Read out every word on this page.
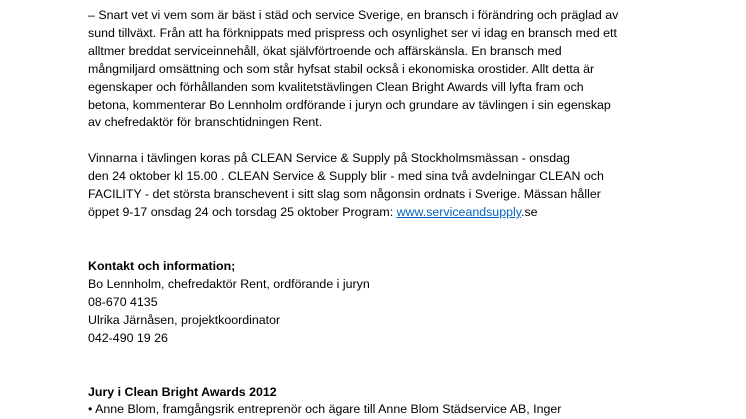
– Snart vet vi vem som är bäst i städ och service Sverige, en bransch i förändring och präglad av
sund tillväxt. Från att ha förknippats med prispress och osynlighet ser vi idag en bransch med ett
alltmer breddat serviceinnehåll, ökat självförtroende och affärskänsla. En bransch med
mångmiljard omsättning och som står hyfsat stabil också i ekonomiska orostider. Allt detta är
egenskaper och förhållanden som kvalitetstävlingen Clean Bright Awards vill lyfta fram och
betona, kommenterar Bo Lennholm ordförande i juryn och grundare av tävlingen i sin egenskap
av chefredaktör för branschtidningen Rent.
Vinnarna i tävlingen koras på CLEAN Service & Supply på Stockholmsmässan - onsdag
den 24 oktober kl 15.00 . CLEAN Service & Supply blir - med sina två avdelningar CLEAN och
FACILITY - det största branschevent i sitt slag som någonsin ordnats i Sverige. Mässan håller
öppet 9-17 onsdag 24 och torsdag 25 oktober Program: www.serviceandsupply.se
Kontakt och information;
Bo Lennholm, chefredaktör Rent, ordförande i juryn
08-670 4135
Ulrika Järnåsen, projektkoordinator
042-490 19 26
Jury i Clean Bright Awards 2012
• Anne Blom, framgångsrik entreprenör och ägare till Anne Blom Städservice AB, Inger
